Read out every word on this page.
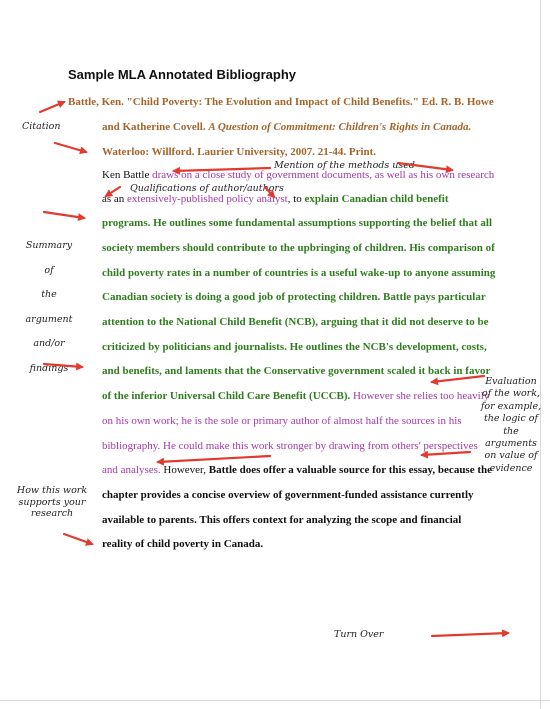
Sample MLA Annotated Bibliography
Battle, Ken. "Child Poverty: The Evolution and Impact of Child Benefits." Ed. R. B. Howe
and Katherine Covell. A Question of Commitment: Children's Rights in Canada.
Waterloo: Willford. Laurier University, 2007. 21-44. Print.
Ken Battle draws on a close study of government documents, as well as his own research
as an extensively-published policy analyst, to explain Canadian child benefit
programs. He outlines some fundamental assumptions supporting the belief that all
society members should contribute to the upbringing of children. His comparison of
child poverty rates in a number of countries is a useful wake-up to anyone assuming
Canadian society is doing a good job of protecting children. Battle pays particular
attention to the National Child Benefit (NCB), arguing that it did not deserve to be
criticized by politicians and journalists. He outlines the NCB's development, costs,
and benefits, and laments that the Conservative government scaled it back in favor
of the inferior Universal Child Care Benefit (UCCB). However she relies too heavily
on his own work; he is the sole or primary author of almost half the sources in his
bibliography. He could make this work stronger by drawing from others' perspectives
and analyses. However, Battle does offer a valuable source for this essay, because the
chapter provides a concise overview of government-funded assistance currently
available to parents. This offers context for analyzing the scope and financial
reality of child poverty in Canada.
Citation
Mention of the methods used
Qualifications of author/authors
Summary
of
the
argument
and/or
findings
Evaluation
of the work,
for example,
the logic of
the
arguments
on value of
evidence
How this work
supports your
research
Turn Over
